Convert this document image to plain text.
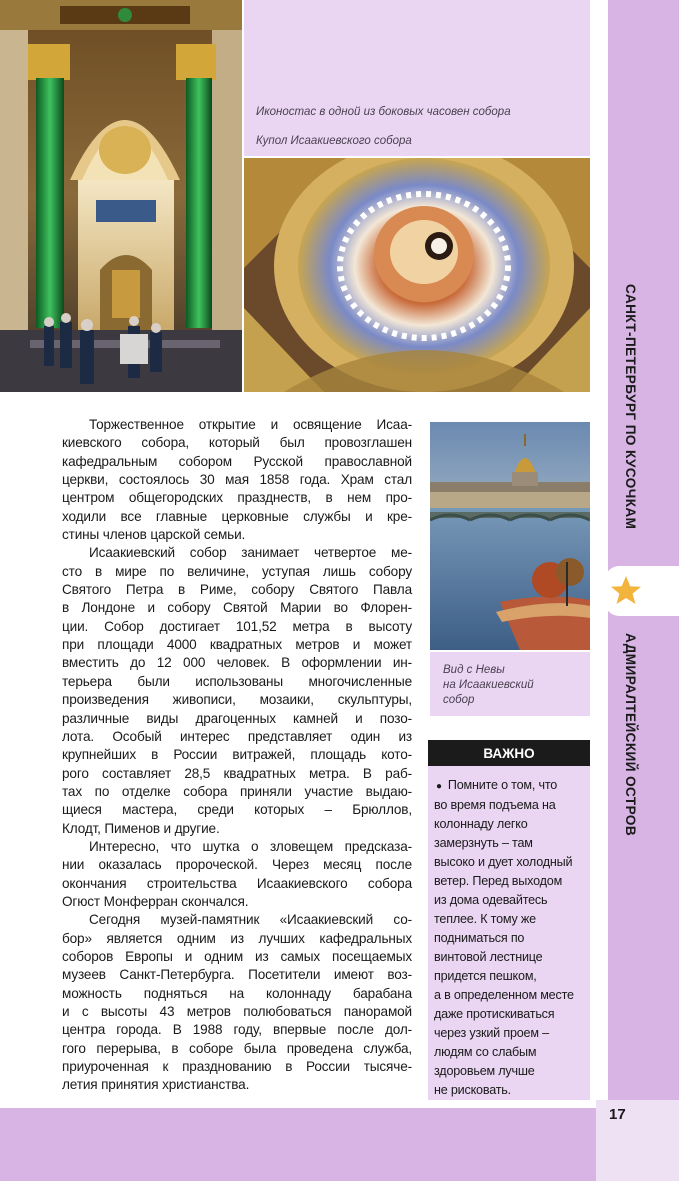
Иконостас в одной из боковых часовен собора
Купол Исаакиевского собора
Вид с Невы
на Исаакиевский
собор
Торжественное открытие и освящение Исаа-
киевского собора, который был провозглашен
кафедральным собором Русской православной
церкви, состоялось 30 мая 1858 года. Храм стал
центром общегородских празднеств, в нем про-
ходили все главные церковные службы и кре-
стины членов царской семьи.
Исаакиевский собор занимает четвертое ме-
сто в мире по величине, уступая лишь собору
Святого Петра в Риме, собору Святого Павла
в Лондоне и собору Святой Марии во Флорен-
ции. Собор достигает 101,52 метра в высоту
при площади 4000 квадратных метров и может
вместить до 12 000 человек. В оформлении ин-
терьера были использованы многочисленные
произведения живописи, мозаики, скульптуры,
различные виды драгоценных камней и позо-
лота. Особый интерес представляет один из
крупнейших в России витражей, площадь кото-
рого составляет 28,5 квадратных метра. В раб-
тах по отделке собора приняли участие выдаю-
щиеся мастера, среди которых – Брюллов,
Клодт, Пименов и другие.
Интересно, что шутка о зловещем предсказа-
нии оказалась пророческой. Через месяц после
окончания строительства Исаакиевского собора
Огюст Монферран скончался.
Сегодня музей-памятник «Исаакиевский со-
бор» является одним из лучших кафедральных
соборов Европы и одним из самых посещаемых
музеев Санкт-Петербурга. Посетители имеют воз-
можность подняться на колоннаду барабана
и с высоты 43 метров полюбоваться панорамой
центра города. В 1988 году, впервые после дол-
гого перерыва, в соборе была проведена служба,
приуроченная к празднованию в России тысяче-
летия принятия христианства.
ВАЖНО
● Помните о том, что
во время подъема на
колоннаду легко
замерзнуть – там
высоко и дует холодный
ветер. Перед выходом
из дома одевайтесь
теплее. К тому же
подниматься по
винтовой лестнице
придется пешком,
а в определенном месте
даже протискиваться
через узкий проем –
людям со слабым
здоровьем лучше
не рисковать.
САНКТ-ПЕТЕРБУРГ ПО КУСОЧКАМ
АДМИРАЛТЕЙСКИЙ ОСТРОВ
17
